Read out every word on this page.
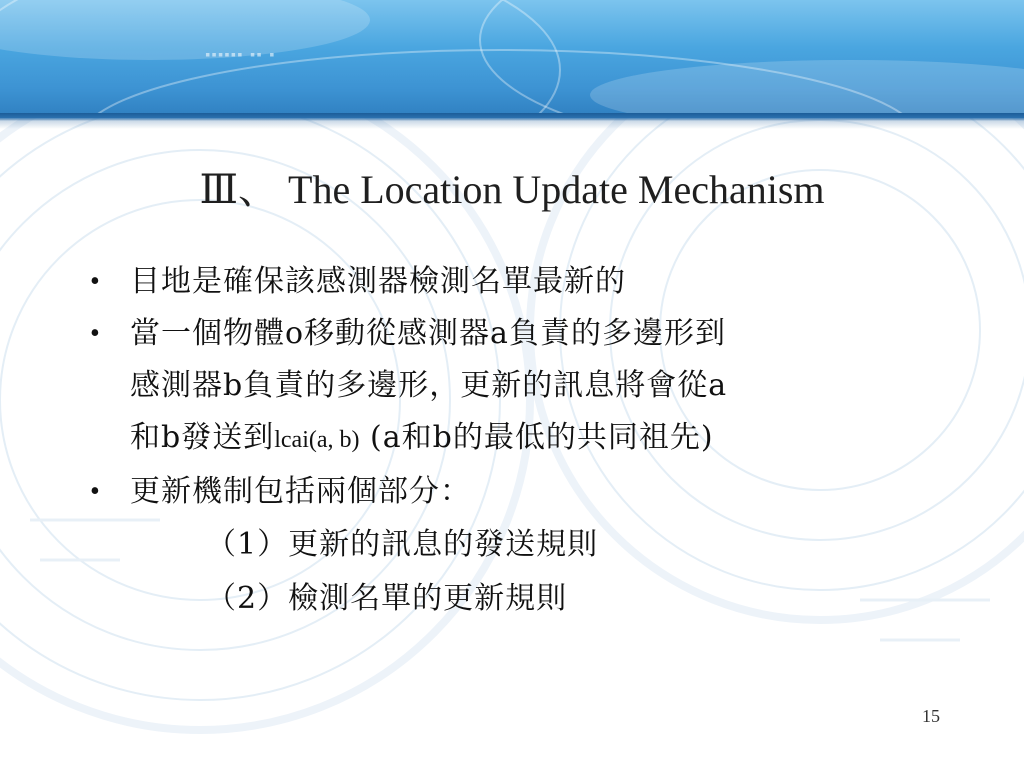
▪▪▪▪▪▪ ▪▪ ▪
Ⅲ、 The Location Update Mechanism
• 目地是確保該感測器檢測名單最新的
• 當一個物體o移動從感測器a負責的多邊形到
感測器b負責的多邊形，更新的訊息將會從a
和b發送到lcai(a, b) (a和b的最低的共同祖先)
• 更新機制包括兩個部分：
（1）更新的訊息的發送規則
（2）檢測名單的更新規則
15
